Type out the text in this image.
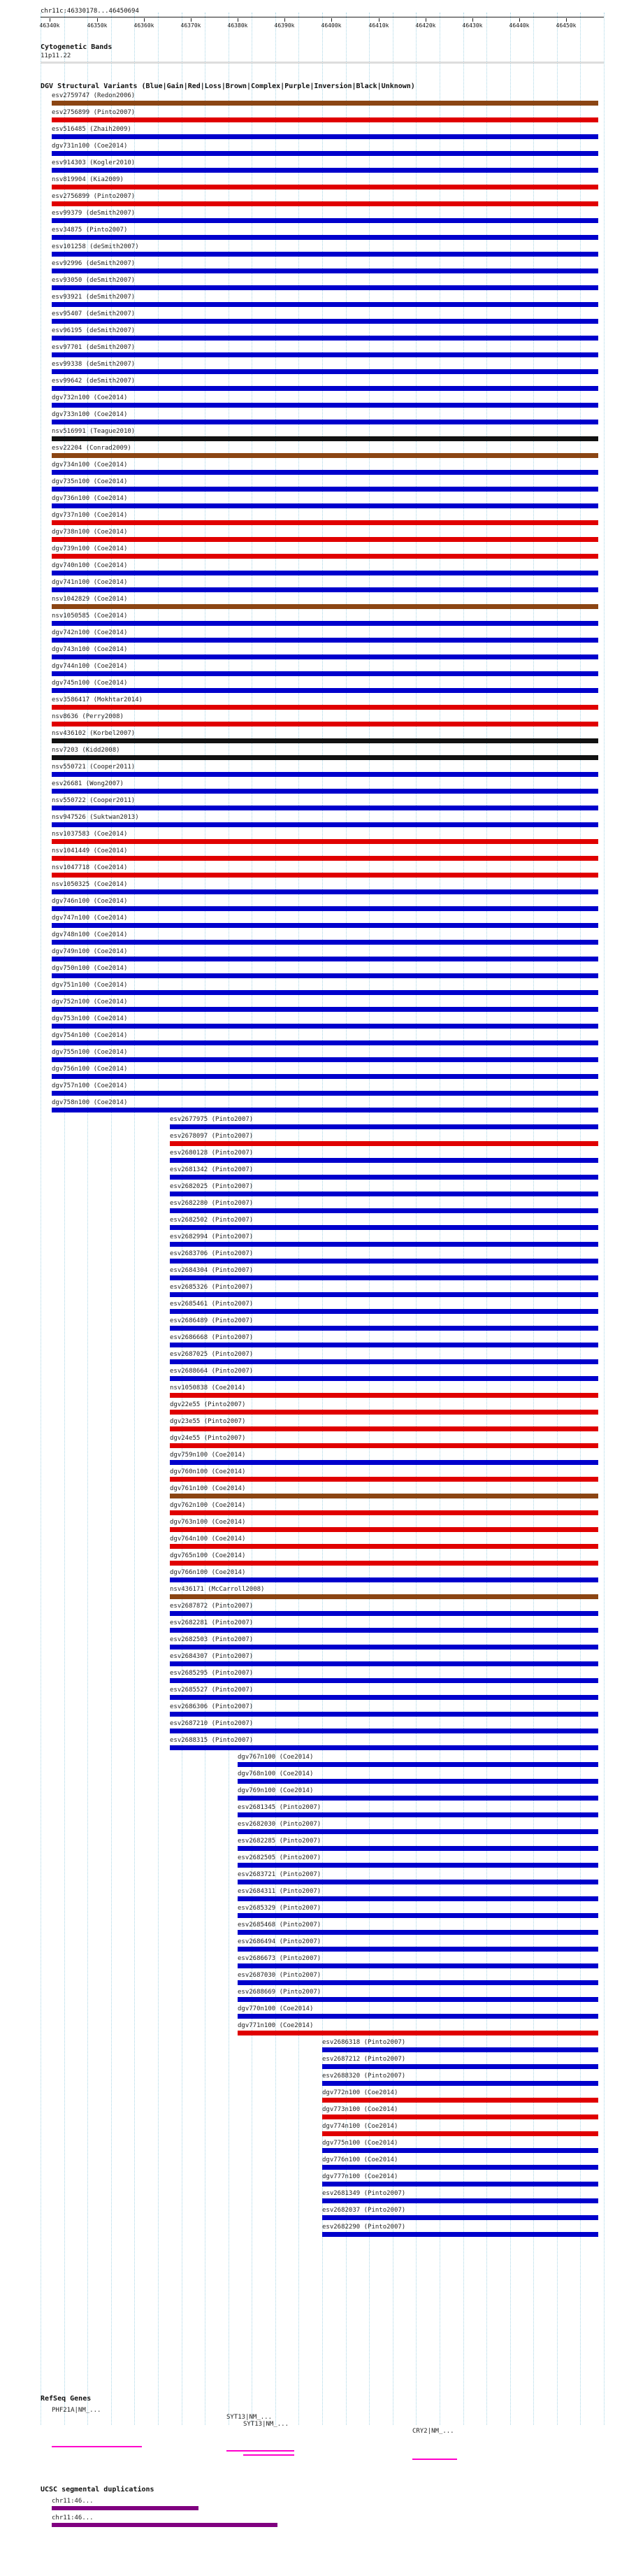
chr11c:46330178...46450694
46340k	46350k	46360k	46370k	46380k	46390k	46400k	46410k	46420k	46430k	46440k	46450k
Cytogenetic Bands
11p11.22
DGV Structural Variants (Blue|Gain|Red|Loss|Brown|Complex|Purple|Inversion|Black|Unknown)
esv2759747 (Redon2006)
esv2756899 (Pinto2007)
esv516485 (Zhaih2009)
dgv731n100 (Coe2014)
esv914303 (Kogler2010)
nsv819904 (Kia2009)
esv2756899 (Pinto2007)
esv99379 (deSmith2007)
esv34875 (Pinto2007)
esv101258 (deSmith2007)
esv92996 (deSmith2007)
esv93050 (deSmith2007)
esv93921 (deSmith2007)
esv95407 (deSmith2007)
esv96195 (deSmith2007)
esv97701 (deSmith2007)
esv99338 (deSmith2007)
esv99642 (deSmith2007)
dgv732n100 (Coe2014)
dgv733n100 (Coe2014)
nsv516991 (Teague2010)
esv22204 (Conrad2009)
dgv734n100 (Coe2014)
dgv735n100 (Coe2014)
dgv736n100 (Coe2014)
dgv737n100 (Coe2014)
dgv738n100 (Coe2014)
dgv739n100 (Coe2014)
dgv740n100 (Coe2014)
dgv741n100 (Coe2014)
nsv1042829 (Coe2014)
nsv1050585 (Coe2014)
dgv742n100 (Coe2014)
dgv743n100 (Coe2014)
dgv744n100 (Coe2014)
dgv745n100 (Coe2014)
esv3586417 (Mokhtar2014)
nsv8636 (Perry2008)
nsv436102 (Korbel2007)
nsv7203 (Kidd2008)
nsv550721 (Cooper2011)
esv26681 (Wong2007)
nsv550722 (Cooper2011)
nsv947526 (Suktwan2013)
nsv1037583 (Coe2014)
nsv1041449 (Coe2014)
nsv1047718 (Coe2014)
nsv1050325 (Coe2014)
dgv746n100 (Coe2014)
dgv747n100 (Coe2014)
dgv748n100 (Coe2014)
dgv749n100 (Coe2014)
dgv750n100 (Coe2014)
dgv751n100 (Coe2014)
dgv752n100 (Coe2014)
dgv753n100 (Coe2014)
dgv754n100 (Coe2014)
dgv755n100 (Coe2014)
dgv756n100 (Coe2014)
dgv757n100 (Coe2014)
dgv758n100 (Coe2014)
esv2677975 (Pinto2007)
esv2678097 (Pinto2007)
esv2680128 (Pinto2007)
esv2681342 (Pinto2007)
esv2682025 (Pinto2007)
esv2682280 (Pinto2007)
esv2682502 (Pinto2007)
esv2682994 (Pinto2007)
esv2683706 (Pinto2007)
esv2684304 (Pinto2007)
esv2685326 (Pinto2007)
esv2685461 (Pinto2007)
esv2686489 (Pinto2007)
esv2686668 (Pinto2007)
esv2687025 (Pinto2007)
esv2688664 (Pinto2007)
nsv1050838 (Coe2014)
dgv22e55 (Pinto2007)
dgv23e55 (Pinto2007)
dgv24e55 (Pinto2007)
dgv759n100 (Coe2014)
dgv760n100 (Coe2014)
dgv761n100 (Coe2014)
dgv762n100 (Coe2014)
dgv763n100 (Coe2014)
dgv764n100 (Coe2014)
dgv765n100 (Coe2014)
dgv766n100 (Coe2014)
nsv436171 (McCarroll2008)
esv2687872 (Pinto2007)
esv2682281 (Pinto2007)
esv2682503 (Pinto2007)
esv2684307 (Pinto2007)
esv2685295 (Pinto2007)
esv2685527 (Pinto2007)
esv2686306 (Pinto2007)
esv2687210 (Pinto2007)
esv2688315 (Pinto2007)
dgv767n100 (Coe2014)
dgv768n100 (Coe2014)
dgv769n100 (Coe2014)
esv2681345 (Pinto2007)
esv2682030 (Pinto2007)
esv2682285 (Pinto2007)
esv2682505 (Pinto2007)
esv2683721 (Pinto2007)
esv2684311 (Pinto2007)
esv2685329 (Pinto2007)
esv2685468 (Pinto2007)
esv2686494 (Pinto2007)
esv2686673 (Pinto2007)
esv2687030 (Pinto2007)
esv2688669 (Pinto2007)
dgv770n100 (Coe2014)
dgv771n100 (Coe2014)
esv2686318 (Pinto2007)
esv2687212 (Pinto2007)
esv2688320 (Pinto2007)
dgv772n100 (Coe2014)
dgv773n100 (Coe2014)
dgv774n100 (Coe2014)
dgv775n100 (Coe2014)
dgv776n100 (Coe2014)
dgv777n100 (Coe2014)
esv2681349 (Pinto2007)
esv2682037 (Pinto2007)
esv2682290 (Pinto2007)
RefSeq Genes
PHF21A|NM_...
SYT13|NM_...
SYT13|NM_...
CRY2|NM_...
UCSC segmental duplications
chr11:46...
chr11:46...
